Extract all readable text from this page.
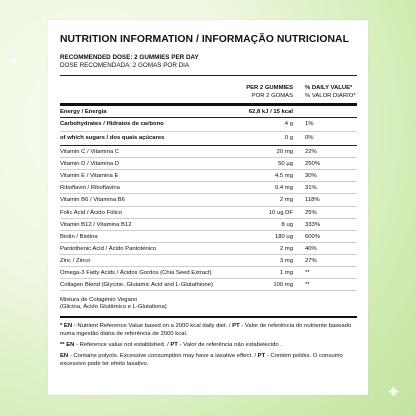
✦
✦
NUTRITION INFORMATION / INFORMAÇÃO NUTRICIONAL
RECOMMENDED DOSE: 2 GUMMIES PER DAY
DOSE RECOMENDADA: 2 GOMAS POR DIA
PER 2 GUMMIES
POR 2 GOMAS
% DAILY VALUE*
% VALOR DIÁRIO*
Energy / Energia	62,8 kJ / 15 kcal
Carbohydrates / Hidratos de carbono	4 g 1%
of which sugars / dos quais açúcares	0 g 0%
Vitamin C / Vitamina C	20 mg 22%
Vitamin D / Vitamina D	50 µg 250%
Vitamin E / Vitamina E	4.5 mg 30%
Riboflavin / Riboflavina	0.4 mg 31%
Vitamin B6 / Vitamina B6	2 mg 118%
Folic Acid / Ácido Fólico	10 ug DF 25%
Vitamin B12 / Vitamina B12	8 ug 333%
Biotin / Biotina	180 ug 600%
Pantothenic Acid / Ácido Pantoténico	2 mg 40%
Zinc / Zinco	3 mg 27%
Omega-3 Fatty Acids / Ácidos Gordos (Chia Seed Extract)	1 mg **
Collagen Blend (Glycine, Glutamic Acid and L-Glutathione)	100 mg **
Mistura de Colagénio Vegano
(Glicina, Ácido Glutâmico e L-Glutationa)
* EN - Nutrient Reference Value based on a 2000 kcal daily diet. / PT - Valor de referência do nutriente baseado numa ingestão diária de referência de 2000 kcal.
** EN - Reference value not established. / PT - Valor de referência não estabelecido .
EN - Contains polyols. Excessive consumption may have a laxative effect. / PT - Contém polióis. O consumo excessivo pode ter efeito laxativo.
